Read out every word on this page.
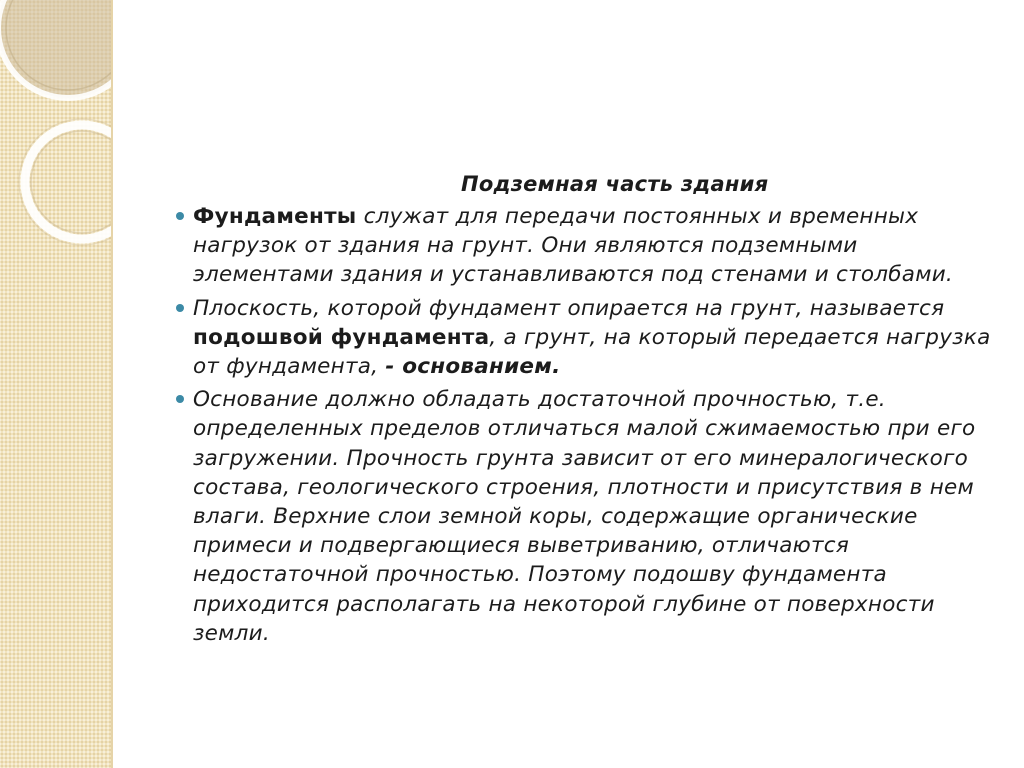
Подземная часть здания
Фундаменты служат для передачи постоянных и временных нагрузок от здания на грунт. Они являются подземными элементами здания и устанавливаются под стенами и столбами.
Плоскость, которой фундамент опирается на грунт, называется подошвой фундамента, а грунт, на который передается нагрузка от фундамента, - основанием.
Основание должно обладать достаточной прочностью, т.е. определенных пределов отличаться малой сжимаемостью при его загружении. Прочность грунта зависит от его минералогического состава, геологического строения, плотности и присутствия в нем влаги. Верхние слои земной коры, содержащие органические примеси и подвергающиеся выветриванию, отличаются недостаточной прочностью. Поэтому подошву фундамента приходится располагать на некоторой глубине от поверхности земли.
